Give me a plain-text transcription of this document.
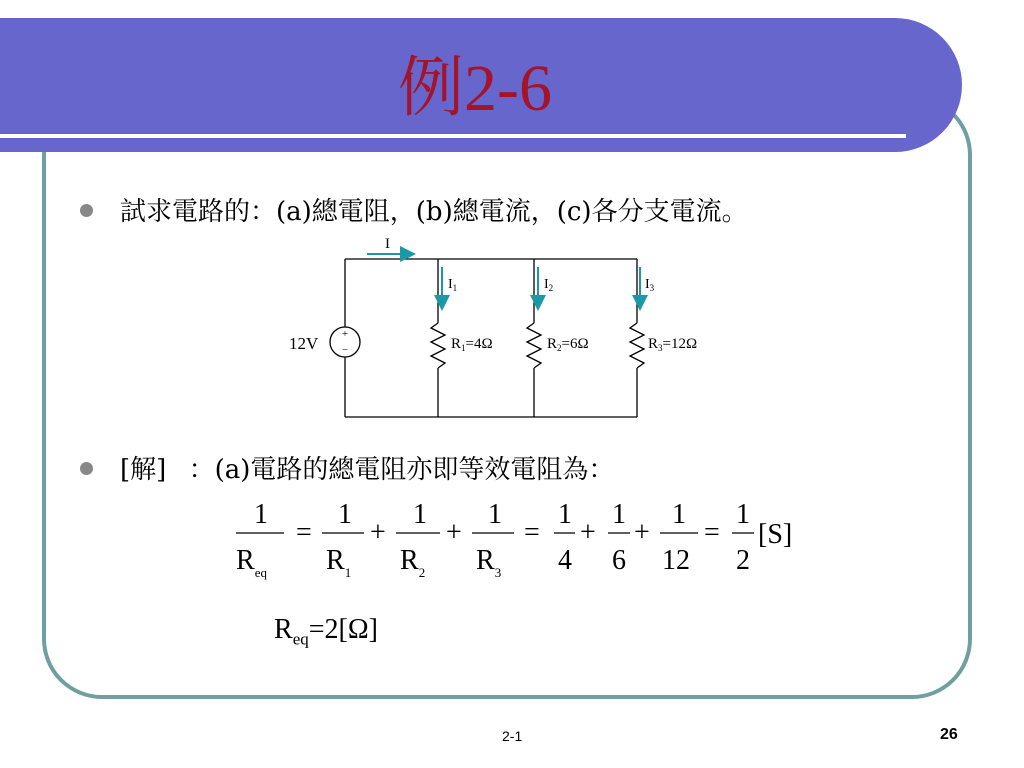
例2-6
試求電路的：(a)總電阻，(b)總電流，(c)各分支電流。
+
−
12V
I
$I_1$	$I_2$	$I_3$
$R_1=4\Omega$	$R_2=6\Omega$	$R_3=12\Omega$
[解] ：(a)電路的總電阻亦即等效電阻為：
1
$R_{eq}$
=
1
$R_1$
+
1
$R_2$
+
1
$R_3$
=
1
4
+
1
6
+
1
12
=
1
2
[S]
$R_{eq}=2[\Omega]$
2-1	26
